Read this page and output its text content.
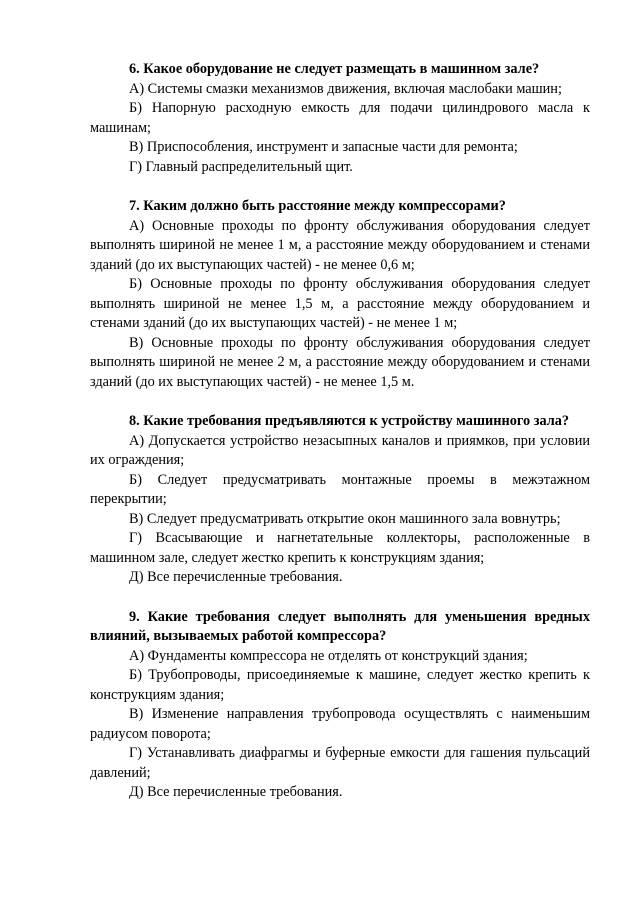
6. Какое оборудование не следует размещать в машинном зале?

А) Системы смазки механизмов движения, включая маслобаки машин;

Б) Напорную расходную емкость для подачи цилиндрового масла к машинам;

В) Приспособления, инструмент и запасные части для ремонта;

Г) Главный распределительный щит.

7. Каким должно быть расстояние между компрессорами?

А) Основные проходы по фронту обслуживания оборудования следует выполнять шириной не менее 1 м, а расстояние между оборудованием и стенами зданий (до их выступающих частей) - не менее 0,6 м;

Б) Основные проходы по фронту обслуживания оборудования следует выполнять шириной не менее 1,5 м, а расстояние между оборудованием и стенами зданий (до их выступающих частей) - не менее 1 м;

В) Основные проходы по фронту обслуживания оборудования следует выполнять шириной не менее 2 м, а расстояние между оборудованием и стенами зданий (до их выступающих частей) - не менее 1,5 м.

8. Какие требования предъявляются к устройству машинного зала?

А) Допускается устройство незасыпных каналов и приямков, при условии их ограждения;

Б) Следует предусматривать монтажные проемы в межэтажном перекрытии;

В) Следует предусматривать открытие окон машинного зала вовнутрь;

Г) Всасывающие и нагнетательные коллекторы, расположенные в машинном зале, следует жестко крепить к конструкциям здания;

Д) Все перечисленные требования.

9. Какие требования следует выполнять для уменьшения вредных влияний, вызываемых работой компрессора?

А) Фундаменты компрессора не отделять от конструкций здания;

Б) Трубопроводы, присоединяемые к машине, следует жестко крепить к конструкциям здания;

В) Изменение направления трубопровода осуществлять с наименьшим радиусом поворота;

Г) Устанавливать диафрагмы и буферные емкости для гашения пульсаций давлений;

Д) Все перечисленные требования.
